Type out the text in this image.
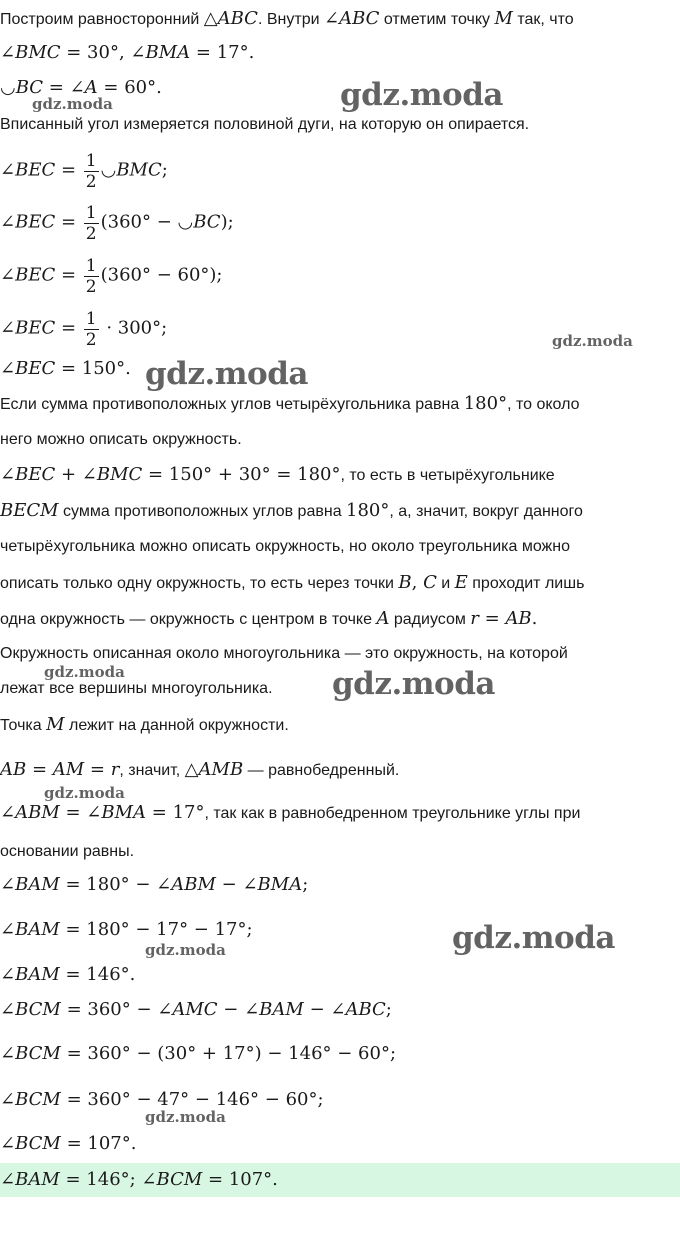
Построим равносторонний △ABC. Внутри ∠ABC отметим точку M так, что
∠BMC = 30°, ∠BMA = 17°.
◡BC = ∠A = 60°.
Вписанный угол измеряется половиной дуги, на которую он опирается.
∠BEC = $\frac{1}{2}$ ◡BMC;
∠BEC = $\frac{1}{2} (360^\circ$ − ◡BC);
∠BEC = $\frac{1}{2} (360^\circ - 60^\circ)$;
∠BEC = $\frac{1}{2} \cdot 300^\circ$;
∠BEC = 150°.
Если сумма противоположных углов четырёхугольника равна 180°, то около
него можно описать окружность.
∠BEC + ∠BMC = 150° + 30° = 180°, то есть в четырёхугольнике
BECM сумма противоположных углов равна 180°, а, значит, вокруг данного
четырёхугольника можно описать окружность, но около треугольника можно
описать только одну окружность, то есть через точки B, C и E проходит лишь
одна окружность — окружность с центром в точке A радиусом r = AB.
Окружность описанная около многоугольника — это окружность, на которой
лежат все вершины многоугольника.
Точка M лежит на данной окружности.
AB = AM = r, значит, △AMB — равнобедренный.
∠ABM = ∠BMA = 17°, так как в равнобедренном треугольнике углы при
основании равны.
∠BAM = 180° − ∠ABM − ∠BMA;
∠BAM = 180° − 17° − 17°;
∠BAM = 146°.
∠BCM = 360° − ∠AMC − ∠BAM − ∠ABC;
∠BCM = 360° − (30° + 17°) − 146° − 60°;
∠BCM = 360° − 47° − 146° − 60°;
∠BCM = 107°.
∠BAM = 146°; ∠BCM = 107°.
gdz.moda
gdz.moda
gdz.moda
gdz.moda
gdz.moda	gdz.moda
gdz.moda
gdz.moda
gdz.moda
gdz.moda
